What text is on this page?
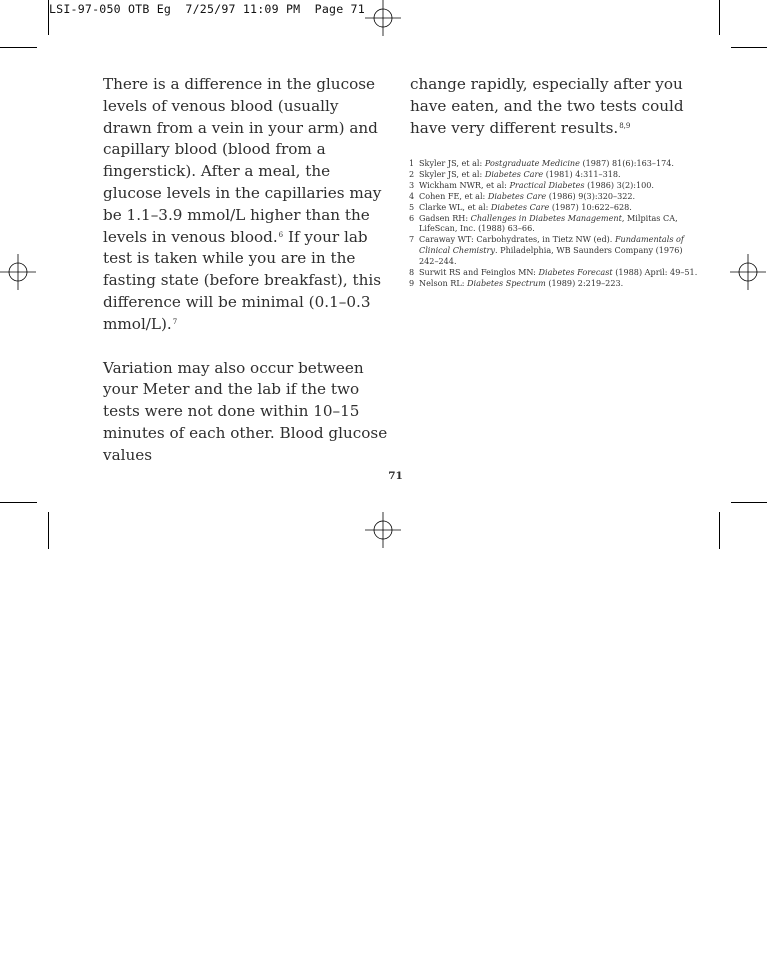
LSI-97-050 OTB Eg  7/25/97 11:09 PM  Page 71

There is a difference in the glucose levels of venous blood (usually drawn from a vein in your arm) and capillary blood (blood from a fingerstick). After a meal, the glucose levels in the capillaries may be 1.1–3.9 mmol/L higher than the levels in venous blood.$^6$ If your lab test is taken while you are in the fasting state (before breakfast), this difference will be minimal (0.1–0.3 mmol/L).$^7$

Variation may also occur between your Meter and the lab if the two tests were not done within 10–15 minutes of each other. Blood glucose values

change rapidly, especially after you have eaten, and the two tests could have very different results.$^{8,9}$

1 Skyler JS, et al: Postgraduate Medicine (1987) 81(6):163–174.
2 Skyler JS, et al: Diabetes Care (1981) 4:311–318.
3 Wickham NWR, et al: Practical Diabetes (1986) 3(2):100.
4 Cohen FE, et al: Diabetes Care (1986) 9(3):320–322.
5 Clarke WL, et al: Diabetes Care (1987) 10:622–628.
6 Gadsen RH: Challenges in Diabetes Management, Milpitas CA, LifeScan, Inc. (1988) 63–66.
7 Caraway WT: Carbohydrates, in Tietz NW (ed). Fundamentals of Clinical Chemistry. Philadelphia, WB Saunders Company (1976) 242–244.
8 Surwit RS and Feinglos MN: Diabetes Forecast (1988) April: 49–51.
9 Nelson RL: Diabetes Spectrum (1989) 2:219–223.
71
